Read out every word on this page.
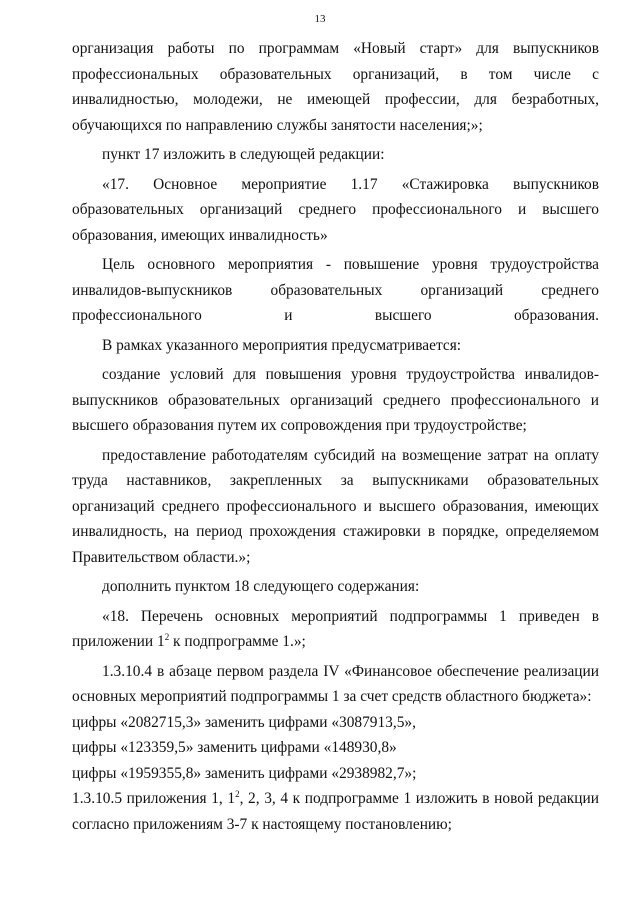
13

организация работы по программам «Новый старт» для выпускников профессиональных образовательных организаций, в том числе с инвалидностью, молодежи, не имеющей профессии, для безработных, обучающихся по направлению службы занятости населения;»;

пункт 17 изложить в следующей редакции:

«17. Основное мероприятие 1.17 «Стажировка выпускников образовательных организаций среднего профессионального и высшего образования, имеющих инвалидность»

Цель основного мероприятия - повышение уровня трудоустройства инвалидов-выпускников образовательных организаций среднего профессионального и высшего образования.

В рамках указанного мероприятия предусматривается:

создание условий для повышения уровня трудоустройства инвалидов-выпускников образовательных организаций среднего профессионального и высшего образования путем их сопровождения при трудоустройстве;

предоставление работодателям субсидий на возмещение затрат на оплату труда наставников, закрепленных за выпускниками образовательных организаций среднего профессионального и высшего образования, имеющих инвалидность, на период прохождения стажировки в порядке, определяемом Правительством области.»;

дополнить пунктом 18 следующего содержания:

«18. Перечень основных мероприятий подпрограммы 1 приведен в приложении $1^2$ к подпрограмме 1.»;

1.3.10.4 в абзаце первом раздела IV «Финансовое обеспечение реализации основных мероприятий подпрограммы 1 за счет средств областного бюджета»:

цифры «2082715,3» заменить цифрами «3087913,5»,

цифры «123359,5» заменить цифрами «148930,8»

цифры «1959355,8» заменить цифрами «2938982,7»;

1.3.10.5 приложения 1, $1^2$, 2, 3, 4 к подпрограмме 1 изложить в новой редакции согласно приложениям 3-7 к настоящему постановлению;
